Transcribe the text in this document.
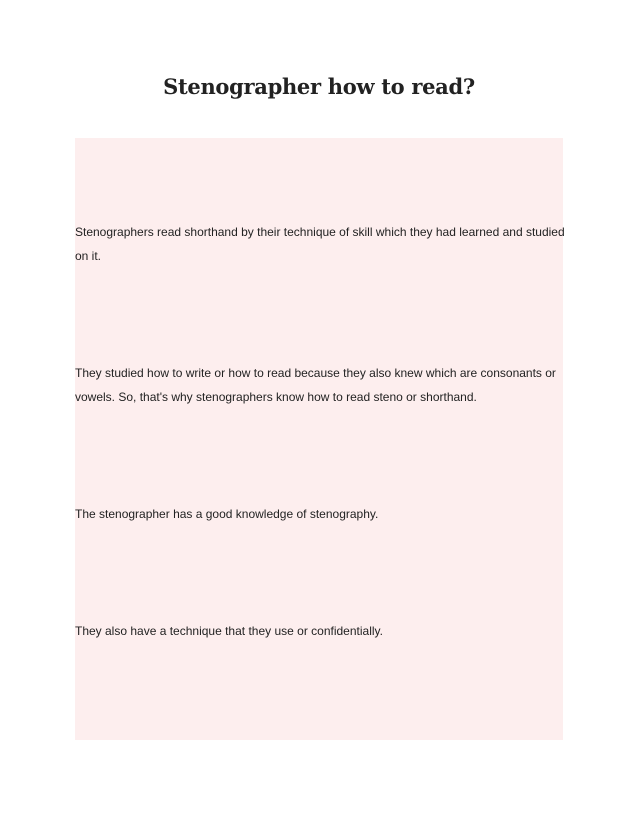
Stenographer how to read?

Stenographers read shorthand by their technique of skill which they had learned and studied on it.

They studied how to write or how to read because they also knew which are consonants or vowels. So, that's why stenographers know how to read steno or shorthand.

The stenographer has a good knowledge of stenography.

They also have a technique that they use or confidentially.
